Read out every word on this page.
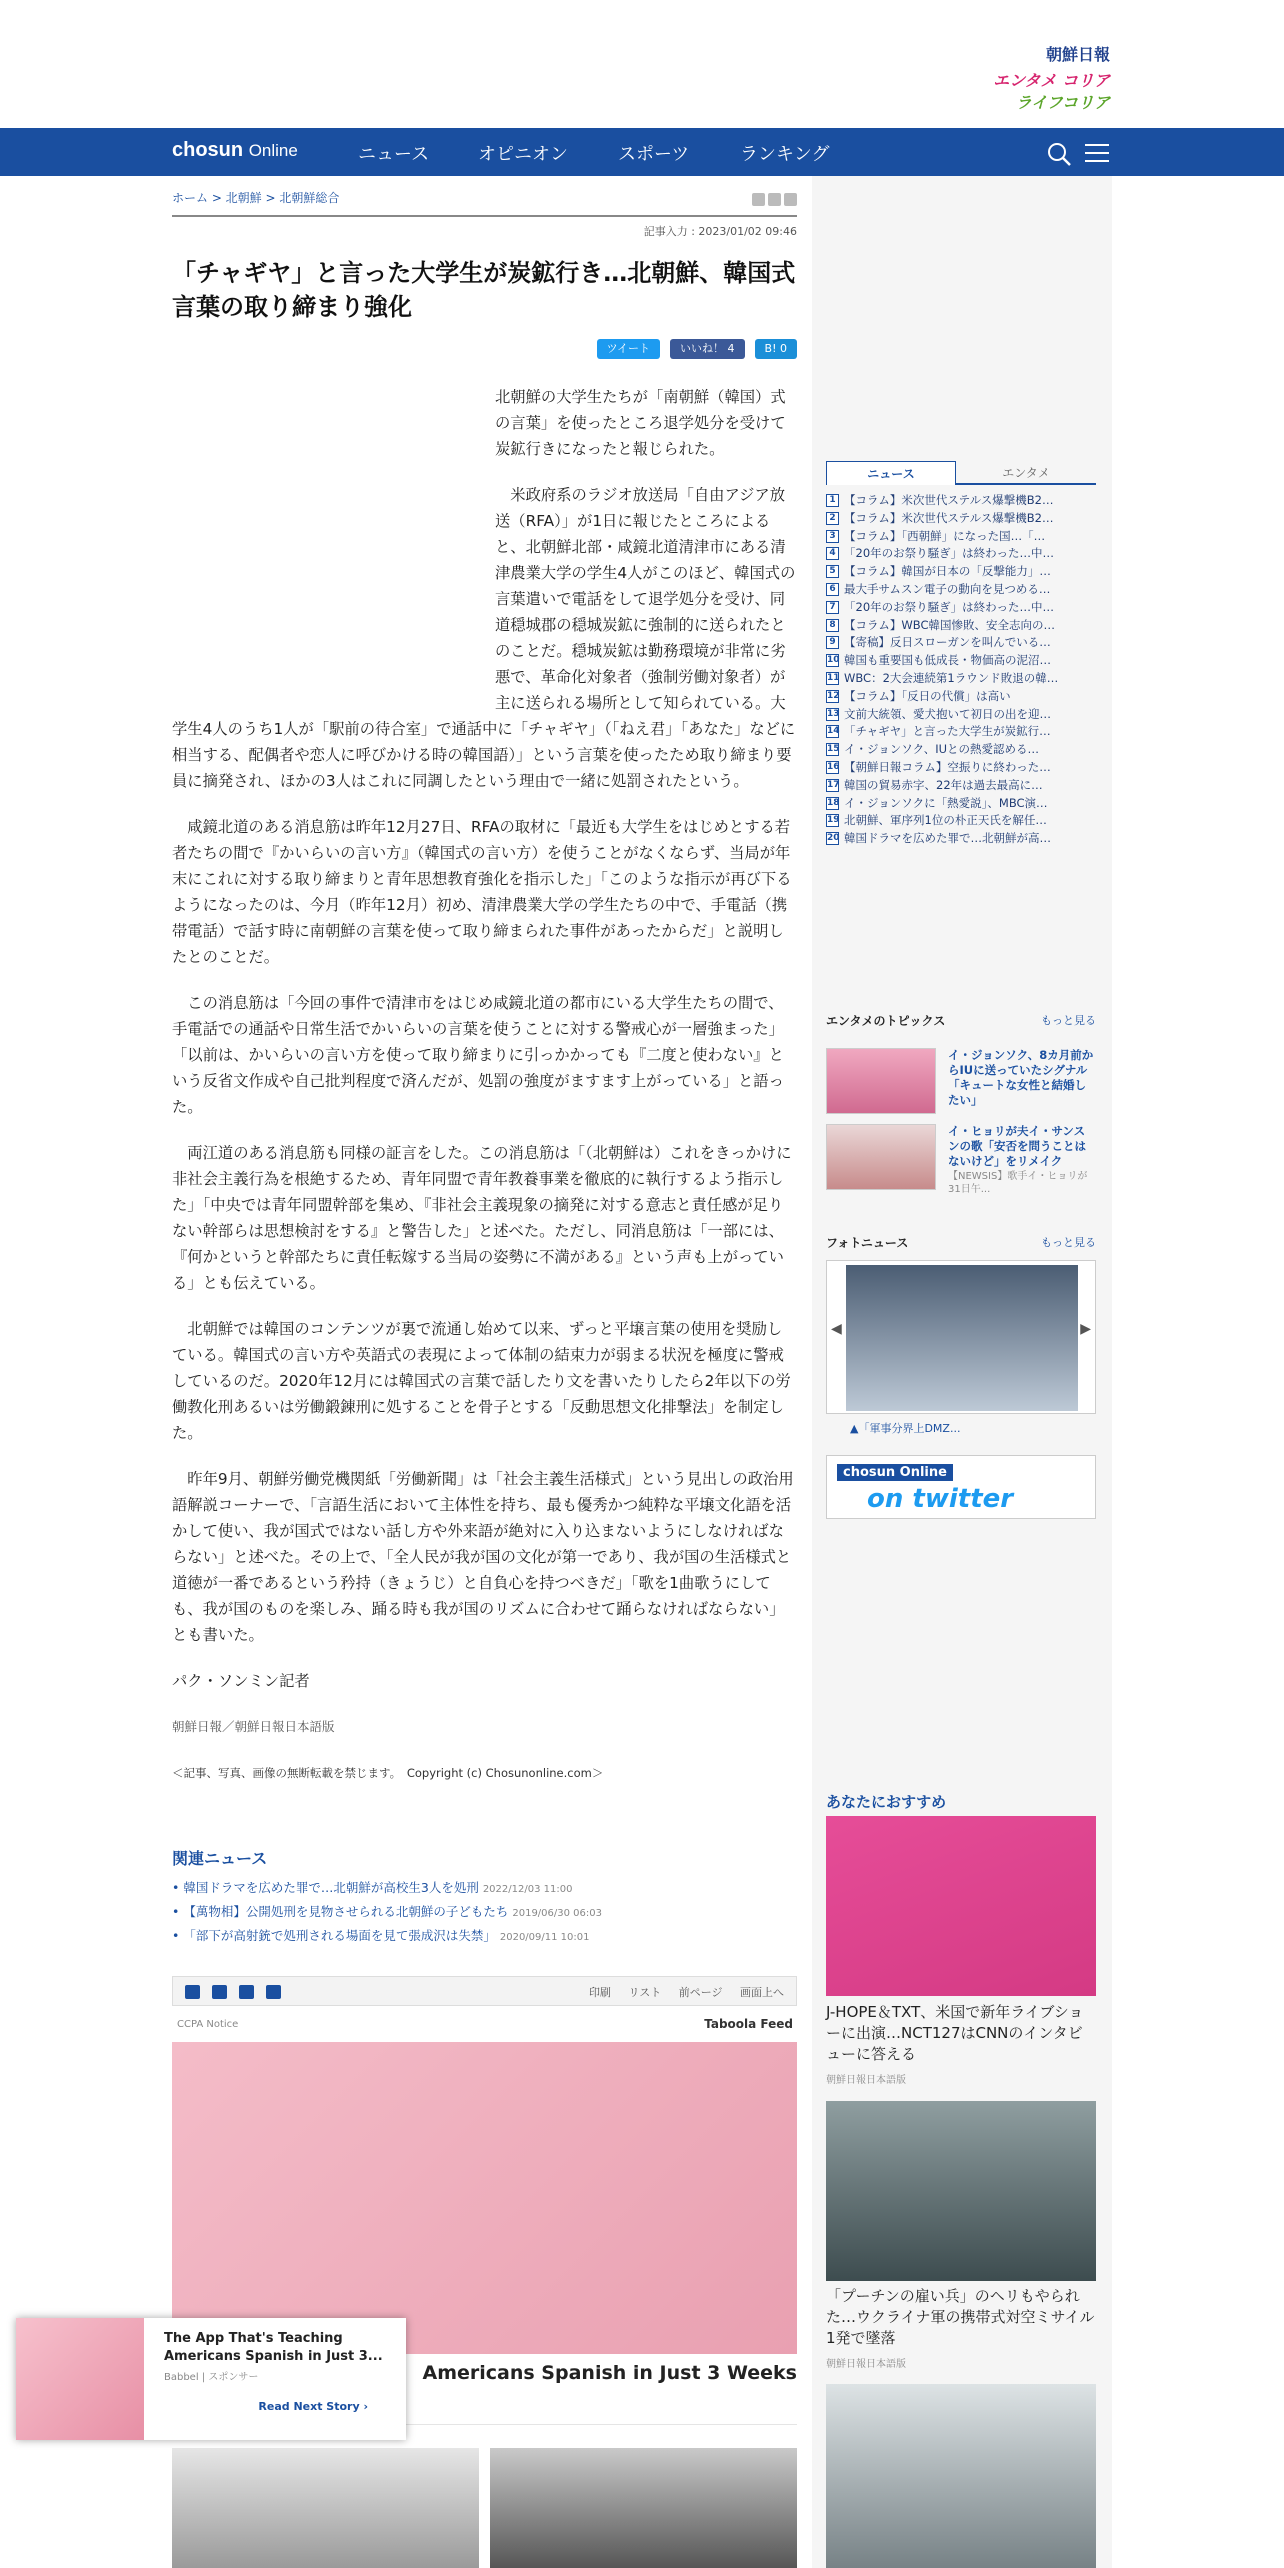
朝鮮日報
エンタメ コリア
ライフコリア
chosun Online	ニュース	オピニオン	スポーツ	ランキング
ホーム > 北朝鮮 > 北朝鮮総合
記事入力 : 2023/01/02 09:46
「チャギヤ」と言った大学生が炭鉱行き…北朝鮮、韓国式言葉の取り締まり強化
ツイート	いいね！ 4	B! 0

北朝鮮の大学生たちが「南朝鮮（韓国）式の言葉」を使ったところ退学処分を受けて炭鉱行きになったと報じられた。

米政府系のラジオ放送局「自由アジア放送（RFA）」が1日に報じたところによると、北朝鮮北部・咸鏡北道清津市にある清津農業大学の学生4人がこのほど、韓国式の言葉遣いで電話をして退学処分を受け、同道穏城郡の穏城炭鉱に強制的に送られたとのことだ。穏城炭鉱は勤務環境が非常に劣悪で、革命化対象者（強制労働対象者）が主に送られる場所として知られている。大学生4人のうち1人が「駅前の待合室」で通話中に「チャギヤ」（「ねえ君」「あなた」などに相当する、配偶者や恋人に呼びかける時の韓国語）」という言葉を使ったため取り締まり要員に摘発され、ほかの3人はこれに同調したという理由で一緒に処罰されたという。

咸鏡北道のある消息筋は昨年12月27日、RFAの取材に「最近も大学生をはじめとする若者たちの間で『かいらいの言い方』（韓国式の言い方）を使うことがなくならず、当局が年末にこれに対する取り締まりと青年思想教育強化を指示した」「このような指示が再び下るようになったのは、今月（昨年12月）初め、清津農業大学の学生たちの中で、手電話（携帯電話）で話す時に南朝鮮の言葉を使って取り締まられた事件があったからだ」と説明したとのことだ。

この消息筋は「今回の事件で清津市をはじめ咸鏡北道の都市にいる大学生たちの間で、手電話での通話や日常生活でかいらいの言葉を使うことに対する警戒心が一層強まった」「以前は、かいらいの言い方を使って取り締まりに引っかかっても『二度と使わない』という反省文作成や自己批判程度で済んだが、処罰の強度がますます上がっている」と語った。

両江道のある消息筋も同様の証言をした。この消息筋は「（北朝鮮は）これをきっかけに非社会主義行為を根絶するため、青年同盟で青年教養事業を徹底的に執行するよう指示した」「中央では青年同盟幹部を集め、『非社会主義現象の摘発に対する意志と責任感が足りない幹部らは思想検討をする』と警告した」と述べた。ただし、同消息筋は「一部には、『何かというと幹部たちに責任転嫁する当局の姿勢に不満がある』という声も上がっている」とも伝えている。

北朝鮮では韓国のコンテンツが裏で流通し始めて以来、ずっと平壌言葉の使用を奨励している。韓国式の言い方や英語式の表現によって体制の結束力が弱まる状況を極度に警戒しているのだ。2020年12月には韓国式の言葉で話したり文を書いたりしたら2年以下の労働教化刑あるいは労働鍛錬刑に処することを骨子とする「反動思想文化排撃法」を制定した。

昨年9月、朝鮮労働党機関紙「労働新聞」は「社会主義生活様式」という見出しの政治用語解説コーナーで、「言語生活において主体性を持ち、最も優秀かつ純粋な平壌文化語を活かして使い、我が国式ではない話し方や外来語が絶対に入り込まないようにしなければならない」と述べた。その上で、「全人民が我が国の文化が第一であり、我が国の生活様式と道徳が一番であるという矜持（きょうじ）と自負心を持つべきだ」「歌を1曲歌うにしても、我が国のものを楽しみ、踊る時も我が国のリズムに合わせて踊らなければならない」とも書いた。

パク・ソンミン記者

朝鮮日報／朝鮮日報日本語版

＜記事、写真、画像の無断転載を禁じます。　Copyright (c) Chosunonline.com＞

関連ニュース
• 韓国ドラマを広めた罪で…北朝鮮が高校生3人を処刑 2022/12/03 11:00
• 【萬物相】公開処刑を見物させられる北朝鮮の子どもたち 2019/06/30 06:03
• 「部下が高射銃で処刑される場面を見て張成沢は失禁」 2020/09/11 10:01
印刷 リスト 前ページ 画面上へ
CCPA Notice	Taboola Feed
Americans Spanish in Just 3 Weeks
ニュース	エンタメ
1 【コラム】米次世代ステルス爆撃機B2…
2 【コラム】米次世代ステルス爆撃機B2…
3 【コラム】「西朝鮮」になった国…「…
4 「20年のお祭り騒ぎ」は終わった…中…
5 【コラム】韓国が日本の「反撃能力」…
6 最大手サムスン電子の動向を見つめる…
7 「20年のお祭り騒ぎ」は終わった…中…
8 【コラム】WBC韓国惨敗、安全志向の…
9 【寄稿】反日スローガンを叫んでいる…
10 韓国も重要国も低成長・物価高の泥沼…
11 WBC：2大会連続第1ラウンド敗退の韓…
12 【コラム】「反日の代償」は高い
13 文前大統領、愛犬抱いて初日の出を迎…
14 「チャギヤ」と言った大学生が炭鉱行…
15 イ・ジョンソク、IUとの熱愛認める…
16 【朝鮮日報コラム】空振りに終わった…
17 韓国の貿易赤字、22年は過去最高に…
18 イ・ジョンソクに「熱愛説」、MBC演…
19 北朝鮮、軍序列1位の朴正天氏を解任…
20 韓国ドラマを広めた罪で…北朝鮮が高…
もっと見る
エンタメのトピックス
イ・ジョンソク、8カ月前からIUに送っていたシグナル　「キュートな女性と結婚したい」
イ・ヒョリが夫イ・サンスンの歌「安否を問うことはないけど」をリメイク
【NEWSIS】歌手イ・ヒョリが31日午...
もっと見る
フォトニュース
◀	▶
▲「軍事分界上DMZ...
chosun Online
on twitter
あなたにおすすめ
J-HOPE＆TXT、米国で新年ライブショーに出演…NCT127はCNNのインタビューに答える
朝鮮日報日本語版
「プーチンの雇い兵」のヘリもやられた…ウクライナ軍の携帯式対空ミサイル1発で墜落
朝鮮日報日本語版
The App That's Teaching Americans Spanish in Just 3...
Babbel | スポンサー
Read Next Story ›
